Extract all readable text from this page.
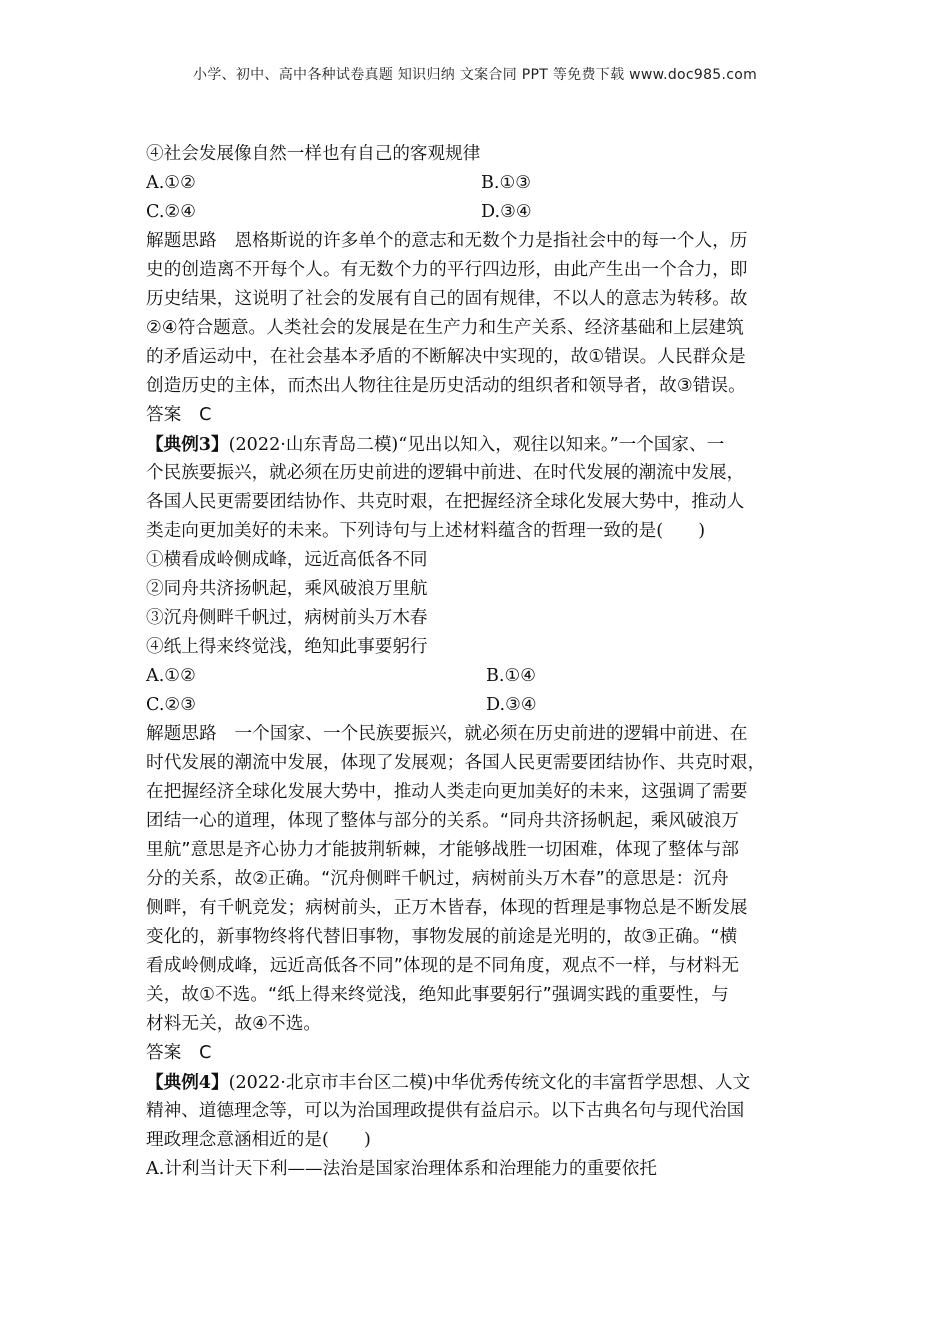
小学、初中、高中各种试卷真题 知识归纳 文案合同 PPT 等免费下载 www.doc985.com
④社会发展像自然一样也有自己的客观规律
A.①②	B.①③
C.②④	D.③④
解题思路　恩格斯说的许多单个的意志和无数个力是指社会中的每一个人，历
史的创造离不开每个人。有无数个力的平行四边形，由此产生出一个合力，即
历史结果，这说明了社会的发展有自己的固有规律，不以人的意志为转移。故
②④符合题意。人类社会的发展是在生产力和生产关系、经济基础和上层建筑
的矛盾运动中，在社会基本矛盾的不断解决中实现的，故①错误。人民群众是
创造历史的主体，而杰出人物往往是历史活动的组织者和领导者，故③错误。
答案　C
【典例3】(2022·山东青岛二模)“见出以知入，观往以知来。”一个国家、一
个民族要振兴，就必须在历史前进的逻辑中前进、在时代发展的潮流中发展，
各国人民更需要团结协作、共克时艰，在把握经济全球化发展大势中，推动人
类走向更加美好的未来。下列诗句与上述材料蕴含的哲理一致的是(　　)
①横看成岭侧成峰，远近高低各不同
②同舟共济扬帆起，乘风破浪万里航
③沉舟侧畔千帆过，病树前头万木春
④纸上得来终觉浅，绝知此事要躬行
A.①②	B.①④
C.②③	D.③④
解题思路　一个国家、一个民族要振兴，就必须在历史前进的逻辑中前进、在
时代发展的潮流中发展，体现了发展观；各国人民更需要团结协作、共克时艰，
在把握经济全球化发展大势中，推动人类走向更加美好的未来，这强调了需要
团结一心的道理，体现了整体与部分的关系。“同舟共济扬帆起，乘风破浪万
里航”意思是齐心协力才能披荆斩棘，才能够战胜一切困难，体现了整体与部
分的关系，故②正确。“沉舟侧畔千帆过，病树前头万木春”的意思是：沉舟
侧畔，有千帆竞发；病树前头，正万木皆春，体现的哲理是事物总是不断发展
变化的，新事物终将代替旧事物，事物发展的前途是光明的，故③正确。“横
看成岭侧成峰，远近高低各不同”体现的是不同角度，观点不一样，与材料无
关，故①不选。“纸上得来终觉浅，绝知此事要躬行”强调实践的重要性，与
材料无关，故④不选。
答案　C
【典例4】(2022·北京市丰台区二模)中华优秀传统文化的丰富哲学思想、人文
精神、道德理念等，可以为治国理政提供有益启示。以下古典名句与现代治国
理政理念意涵相近的是(　　)
A.计利当计天下利——法治是国家治理体系和治理能力的重要依托
